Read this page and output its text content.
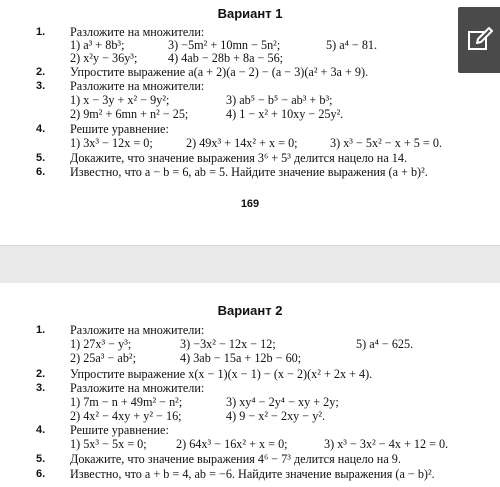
Вариант 1
1. Разложите на множители:
1) a³ + 8b³;	3) −5m² + 10mn − 5n²;	5) a⁴ − 81.
2) x²y − 36y³;	4) 4ab − 28b + 8a − 56;
2. Упростите выражение a(a + 2)(a − 2) − (a − 3)(a² + 3a + 9).
3. Разложите на множители:
1) x − 3y + x² − 9y²;	3) ab⁵ − b⁵ − ab³ + b³;
2) 9m² + 6mn + n² − 25;	4) 1 − x² + 10xy − 25y².
4. Решите уравнение:
1) 3x³ − 12x = 0;	2) 49x³ + 14x² + x = 0;	3) x³ − 5x² − x + 5 = 0.
5. Докажите, что значение выражения 3⁶ + 5³ делится нацело на 14.
6. Известно, что a − b = 6, ab = 5. Найдите значение выражения (a + b)².
169
Вариант 2
1. Разложите на множители:
1) 27x³ − y³;	3) −3x² − 12x − 12;	5) a⁴ − 625.
2) 25a³ − ab²;	4) 3ab − 15a + 12b − 60;
2. Упростите выражение x(x − 1)(x − 1) − (x − 2)(x² + 2x + 4).
3. Разложите на множители:
1) 7m − n + 49m² − n²;	3) xy⁴ − 2y⁴ − xy + 2y;
2) 4x² − 4xy + y² − 16;	4) 9 − x² − 2xy − y².
4. Решите уравнение:
1) 5x³ − 5x = 0; 2) 64x³ − 16x² + x = 0;	3) x³ − 3x² − 4x + 12 = 0.
5. Докажите, что значение выражения 4⁶ − 7³ делится нацело на 9.
6. Известно, что a + b = 4, ab = −6. Найдите значение выражения (a − b)².
